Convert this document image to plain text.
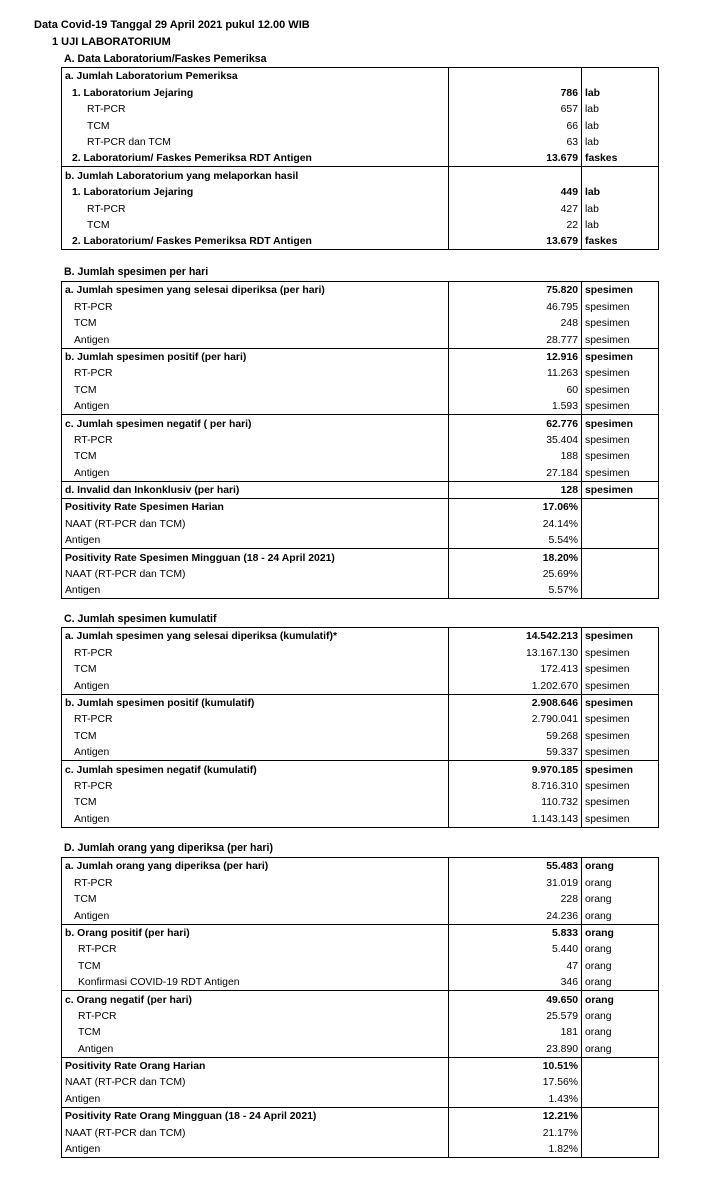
Data Covid-19 Tanggal 29 April 2021 pukul 12.00 WIB
1 UJI LABORATORIUM
A. Data Laboratorium/Faskes Pemeriksa
a. Jumlah Laboratorium Pemeriksa		
1. Laboratorium Jejaring	786	lab
RT-PCR	657	lab
TCM	66	lab
RT-PCR dan TCM	63	lab
2. Laboratorium/ Faskes Pemeriksa RDT Antigen	13.679	faskes
b. Jumlah Laboratorium yang melaporkan hasil		
1. Laboratorium Jejaring	449	lab
RT-PCR	427	lab
TCM	22	lab
2. Laboratorium/ Faskes Pemeriksa RDT Antigen	13.679	faskes
B. Jumlah spesimen per hari
a. Jumlah spesimen yang selesai diperiksa (per hari)	75.820	spesimen
RT-PCR	46.795	spesimen
TCM	248	spesimen
Antigen	28.777	spesimen
b. Jumlah spesimen positif (per hari)	12.916	spesimen
RT-PCR	11.263	spesimen
TCM	60	spesimen
Antigen	1.593	spesimen
c. Jumlah spesimen negatif ( per hari)	62.776	spesimen
RT-PCR	35.404	spesimen
TCM	188	spesimen
Antigen	27.184	spesimen
d. Invalid dan Inkonklusiv (per hari)	128	spesimen
Positivity Rate Spesimen Harian	17.06%	
NAAT (RT-PCR dan TCM)	24.14%	
Antigen	5.54%	
Positivity Rate Spesimen Mingguan (18 - 24 April 2021)	18.20%	
NAAT (RT-PCR dan TCM)	25.69%	
Antigen	5.57%	
C. Jumlah spesimen kumulatif
a. Jumlah spesimen yang selesai diperiksa (kumulatif)*	14.542.213	spesimen
RT-PCR	13.167.130	spesimen
TCM	172.413	spesimen
Antigen	1.202.670	spesimen
b. Jumlah spesimen positif (kumulatif)	2.908.646	spesimen
RT-PCR	2.790.041	spesimen
TCM	59.268	spesimen
Antigen	59.337	spesimen
c. Jumlah spesimen negatif (kumulatif)	9.970.185	spesimen
RT-PCR	8.716.310	spesimen
TCM	110.732	spesimen
Antigen	1.143.143	spesimen
D. Jumlah orang yang diperiksa (per hari)
a. Jumlah orang yang diperiksa (per hari)	55.483	orang
RT-PCR	31.019	orang
TCM	228	orang
Antigen	24.236	orang
b. Orang positif (per hari)	5.833	orang
RT-PCR	5.440	orang
TCM	47	orang
Konfirmasi COVID-19 RDT Antigen	346	orang
c. Orang negatif (per hari)	49.650	orang
RT-PCR	25.579	orang
TCM	181	orang
Antigen	23.890	orang
Positivity Rate Orang Harian	10.51%	
NAAT (RT-PCR dan TCM)	17.56%	
Antigen	1.43%	
Positivity Rate Orang Mingguan (18 - 24 April 2021)	12.21%	
NAAT (RT-PCR dan TCM)	21.17%	
Antigen	1.82%	
